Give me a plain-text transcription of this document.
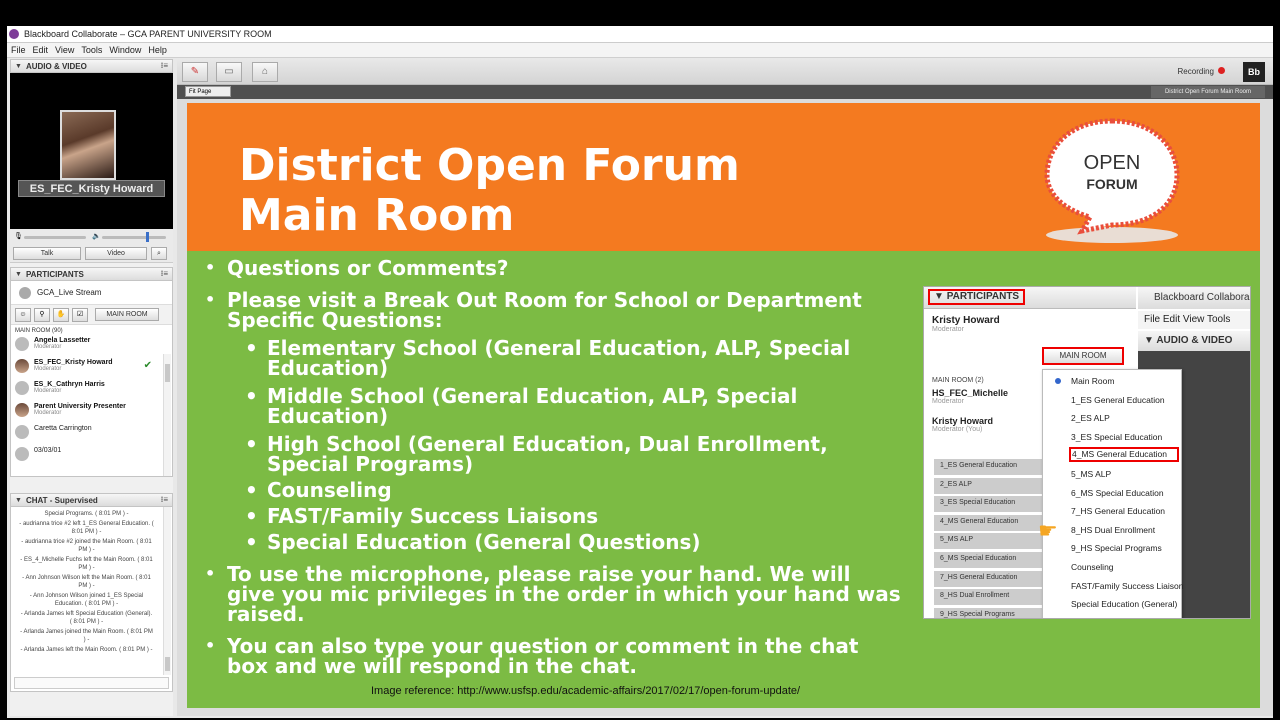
Blackboard Collaborate – GCA PARENT UNIVERSITY ROOM
File Edit View Tools Window Help
▼ AUDIO & VIDEO	⁝≡
ES_FEC_Kristy Howard
🎙	🔈
Talk	Video	⌕
▼ PARTICIPANTS	⁝≡
GCA_Live Stream
☺	⚲	✋	☑	MAIN ROOM
MAIN ROOM (90)
Angela Lassetter
Moderator
ES_FEC_Kristy Howard
Moderator	✔
ES_K_Cathryn Harris
Moderator
Parent University Presenter
Moderator
Caretta Carrington
03/03/01
▼ CHAT - Supervised	⁝≡
Special Programs. ( 8:01 PM ) -
- audrianna trice #2 left 1_ES General Education. ( 8:01 PM ) -
- audrianna trice #2 joined the Main Room. ( 8:01 PM ) -
- ES_4_Michelle Fuchs left the Main Room. ( 8:01 PM ) -
- Ann Johnson Wilson left the Main Room. ( 8:01 PM ) -
- Ann Johnson Wilson joined 1_ES Special Education. ( 8:01 PM ) -
- Arlanda James left Special Education (General). ( 8:01 PM ) -
- Arlanda James joined the Main Room. ( 8:01 PM ) -
- Arlanda James left the Main Room. ( 8:01 PM ) -
✎	▭	⌂	Recording	Bb
Fit Page	District Open Forum Main Room
District Open Forum
Main Room
OPEN
FORUM
• Questions or Comments?
• Please visit a Break Out Room for School or Department Specific Questions:
• Elementary School (General Education, ALP, Special Education)
• Middle School (General Education, ALP, Special Education)
• High School (General Education, Dual Enrollment, Special Programs)
• Counseling
• FAST/Family Success Liaisons
• Special Education (General Questions)
• To use the microphone, please raise your hand. We will give you mic privileges in the order in which your hand was raised.
• You can also type your question or comment in the chat box and we will respond in the chat.
▼ PARTICIPANTS	Blackboard Collabora
File Edit View Tools
▼ AUDIO & VIDEO
Kristy Howard
Moderator
MAIN ROOM
MAIN ROOM (2)
HS_FEC_Michelle
Moderator
Kristy Howard
Moderator (You)
1_ES General Education
2_ES ALP
3_ES Special Education
4_MS General Education
5_MS ALP
6_MS Special Education
7_HS General Education
8_HS Dual Enrollment
9_HS Special Programs
Main Room
1_ES General Education
2_ES ALP
3_ES Special Education
4_MS General Education
5_MS ALP
6_MS Special Education
7_HS General Education
8_HS Dual Enrollment
9_HS Special Programs
Counseling
FAST/Family Success Liaison
Special Education (General)
☛
Image reference: http://www.usfsp.edu/academic-affairs/2017/02/17/open-forum-update/
